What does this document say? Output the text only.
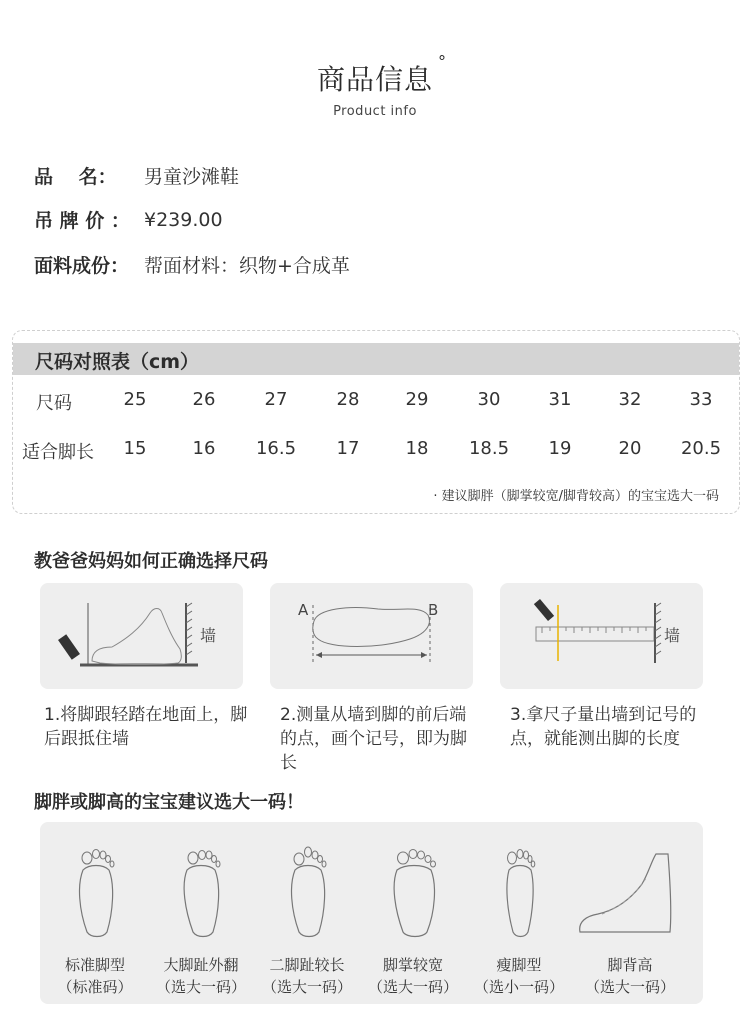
商品信息
°
Product info
品　 名：	男童沙滩鞋
吊 牌 价 ： ¥239.00
面料成份： 帮面材料：织物+合成革
尺码对照表（cm）
尺码	25	26	27	28	29	30	31	32	33
适合脚长	15	16	16.5	17	18	18.5	19	20	20.5
· 建议脚胖（脚掌较宽/脚背较高）的宝宝选大一码
教爸爸妈妈如何正确选择尺码
墙
A	B
墙
1.将脚跟轻踏在地面上，脚后跟抵住墙
2.测量从墙到脚的前后端的点，画个记号，即为脚长
3.拿尺子量出墙到记号的点，就能测出脚的长度
脚胖或脚高的宝宝建议选大一码！
标准脚型
（标准码）
大脚趾外翻
（选大一码）
二脚趾较长
（选大一码）
脚掌较宽
（选大一码）
瘦脚型
（选小一码）
脚背高
（选大一码）
